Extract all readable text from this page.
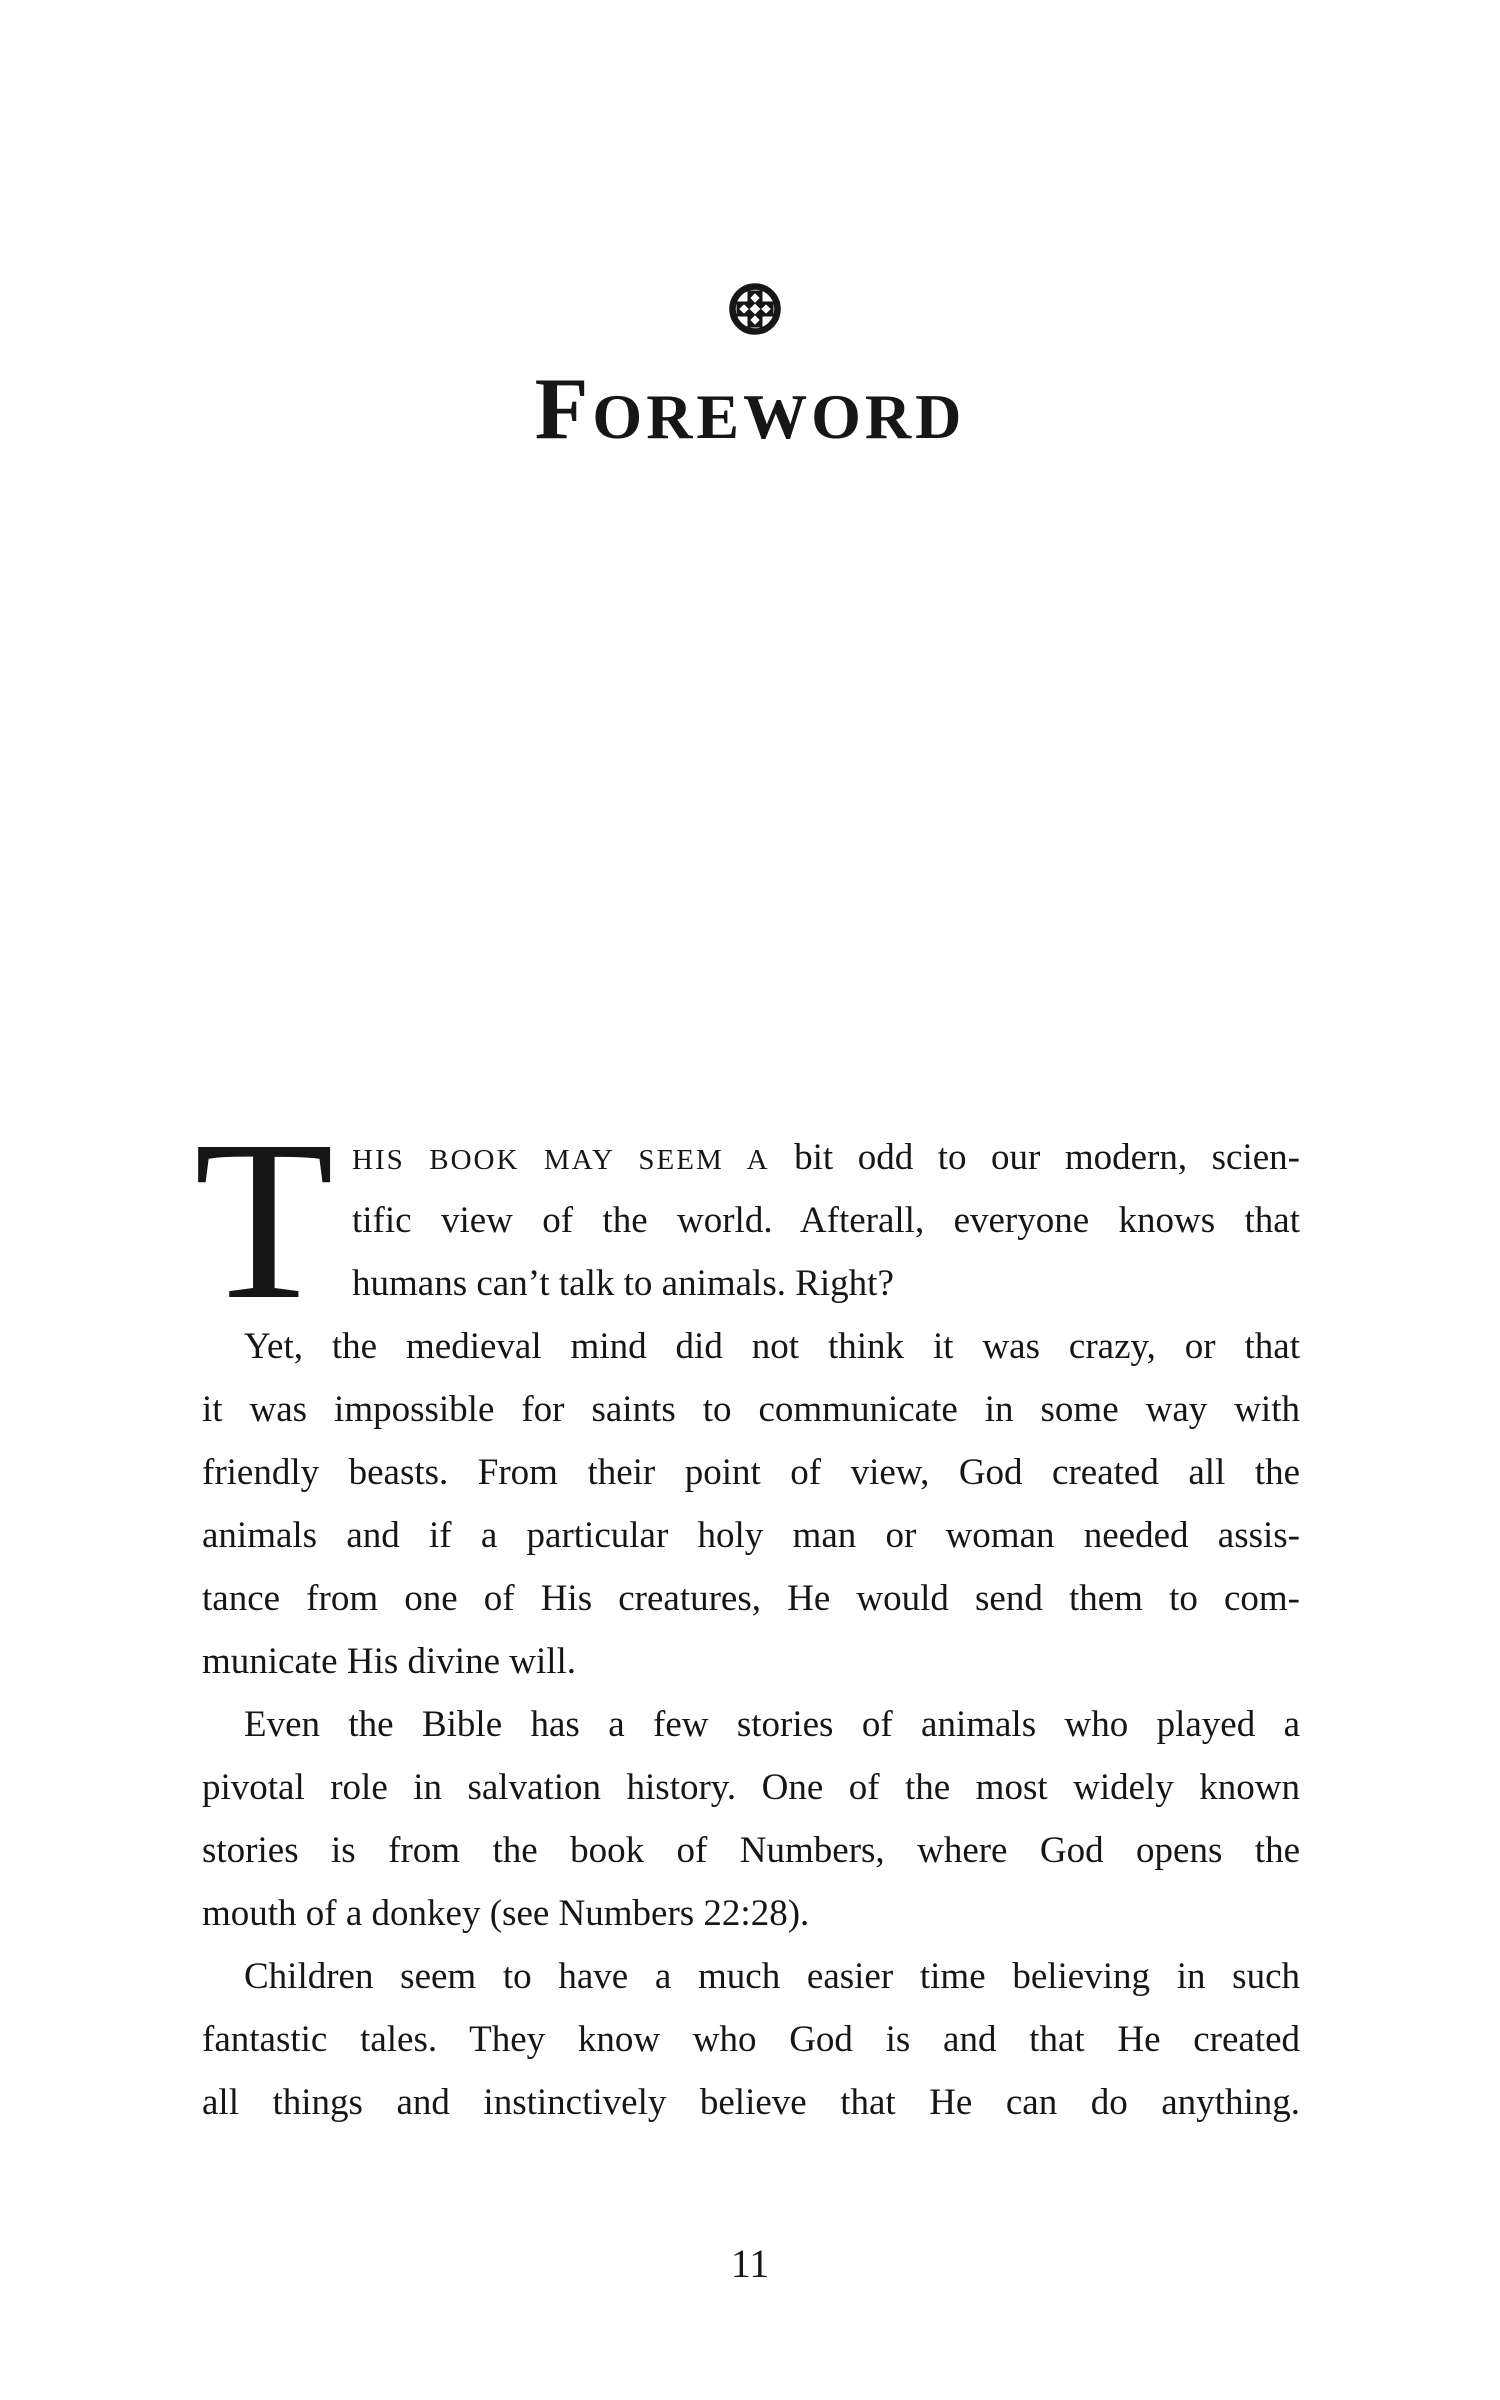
FOREWORD
T HIS BOOK MAY SEEM A bit odd to our modern, scien-
tific view of the world. Afterall, everyone knows that
humans can’t talk to animals. Right?
Yet, the medieval mind did not think it was crazy, or that
it was impossible for saints to communicate in some way with
friendly beasts. From their point of view, God created all the
animals and if a particular holy man or woman needed assis-
tance from one of His creatures, He would send them to com-
municate His divine will.
Even the Bible has a few stories of animals who played a
pivotal role in salvation history. One of the most widely known
stories is from the book of Numbers, where God opens the
mouth of a donkey (see Numbers 22:28).
Children seem to have a much easier time believing in such
fantastic tales. They know who God is and that He created
all things and instinctively believe that He can do anything.
11
